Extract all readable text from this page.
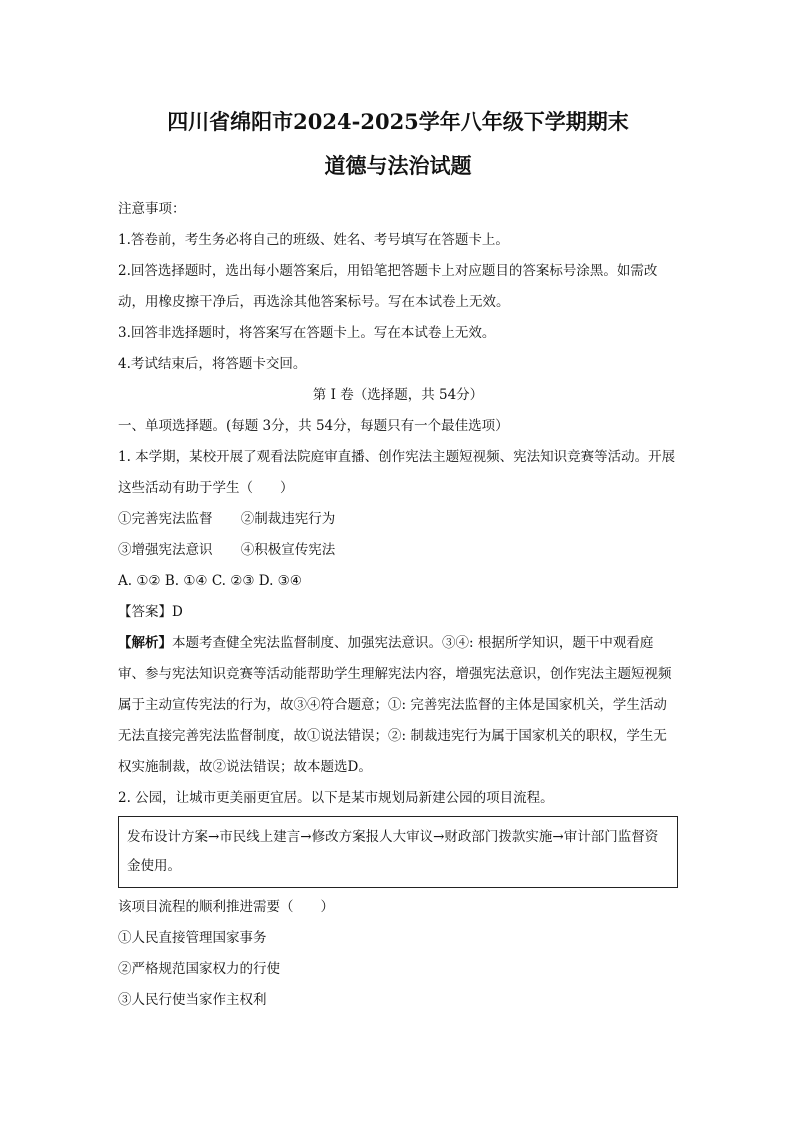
四川省绵阳市2024-2025学年八年级下学期期末
道德与法治试题

注意事项：

1.答卷前，考生务必将自己的班级、姓名、考号填写在答题卡上。

2.回答选择题时，选出每小题答案后，用铅笔把答题卡上对应题目的答案标号涂黑。如需改动，用橡皮擦干净后，再选涂其他答案标号。写在本试卷上无效。

3.回答非选择题时，将答案写在答题卡上。写在本试卷上无效。

4.考试结束后，将答题卡交回。

第 I 卷（选择题，共 54分）

一、单项选择题。(每题 3分，共 54分，每题只有一个最佳选项）

1. 本学期，某校开展了观看法院庭审直播、创作宪法主题短视频、宪法知识竞赛等活动。开展这些活动有助于学生（　　）

①完善宪法监督 ②制裁违宪行为

③增强宪法意识 ④积极宣传宪法

A. ①② B. ①④ C. ②③ D. ③④

【答案】D

【解析】本题考查健全宪法监督制度、加强宪法意识。③④: 根据所学知识，题干中观看庭审、参与宪法知识竞赛等活动能帮助学生理解宪法内容，增强宪法意识，创作宪法主题短视频属于主动宣传宪法的行为，故③④符合题意；①: 完善宪法监督的主体是国家机关，学生活动无法直接完善宪法监督制度，故①说法错误；②: 制裁违宪行为属于国家机关的职权，学生无权实施制裁，故②说法错误；故本题选D。

2. 公园，让城市更美丽更宜居。以下是某市规划局新建公园的项目流程。

发布设计方案→市民线上建言→修改方案报人大审议→财政部门拨款实施→审计部门监督资金使用。

该项目流程的顺利推进需要（　　）

①人民直接管理国家事务

②严格规范国家权力的行使

③人民行使当家作主权利
